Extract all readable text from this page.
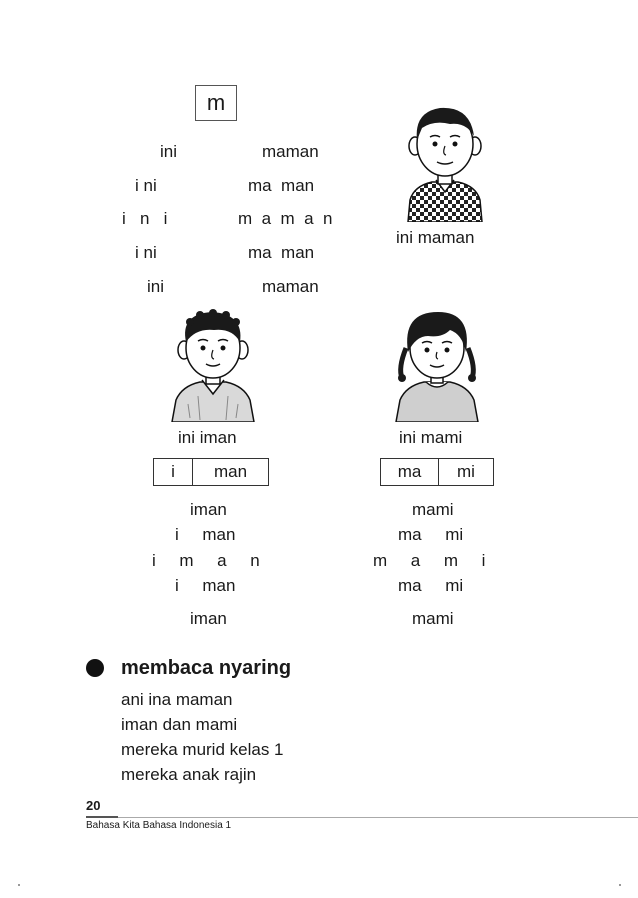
m
ini
i ni
i   n   i
i ni
ini
maman
ma  man
m  a  m  a  n
ma  man
maman
ini maman
ini iman	ini mami
i	man	ma	mi
iman
i     man
i     m     a     n
i     man
iman
mami
ma     mi
m     a     m     i
ma     mi
mami
membaca nyaring
ani ina maman
iman dan mami
mereka murid kelas 1
mereka anak rajin
20
Bahasa Kita Bahasa Indonesia 1
